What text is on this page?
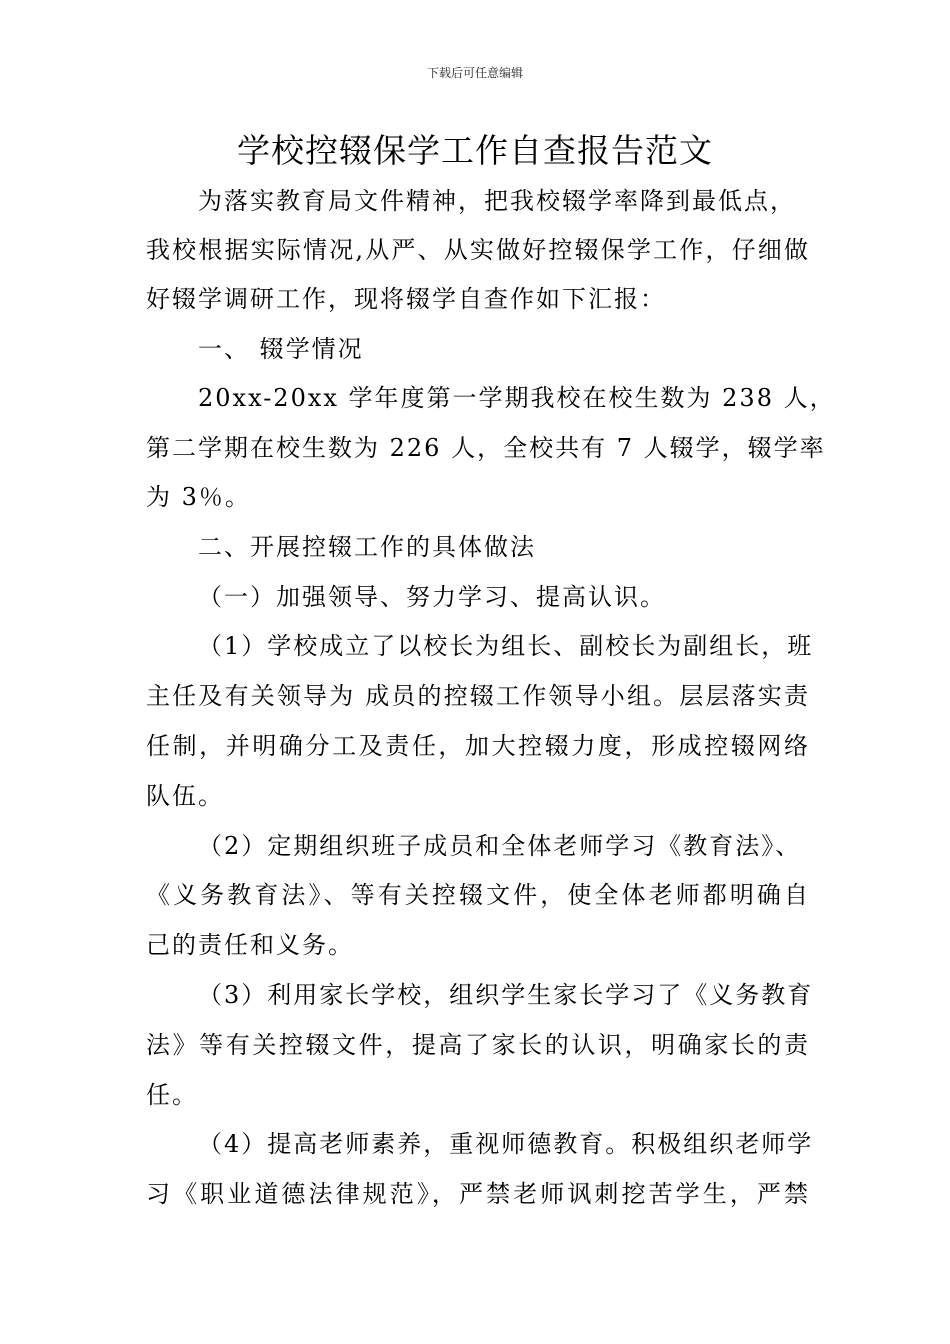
下载后可任意编辑
学校控辍保学工作自查报告范文
为落实教育局文件精神，把我校辍学率降到最低点，
我校根据实际情况,从严、从实做好控辍保学工作，仔细做
好辍学调研工作，现将辍学自查作如下汇报：
一、 辍学情况
20xx-20xx 学年度第一学期我校在校生数为 238 人，
第二学期在校生数为 226 人，全校共有 7 人辍学，辍学率
为 3％。
二、开展控辍工作的具体做法
（一）加强领导、努力学习、提高认识。
（1）学校成立了以校长为组长、副校长为副组长，班
主任及有关领导为 成员的控辍工作领导小组。层层落实责
任制，并明确分工及责任，加大控辍力度，形成控辍网络
队伍。
（2）定期组织班子成员和全体老师学习《教育法》、
《义务教育法》、等有关控辍文件，使全体老师都明确自
己的责任和义务。
（3）利用家长学校，组织学生家长学习了《义务教育
法》等有关控辍文件，提高了家长的认识，明确家长的责
任。
（4）提高老师素养，重视师德教育。积极组织老师学
习《职业道德法律规范》，严禁老师讽刺挖苦学生，严禁
